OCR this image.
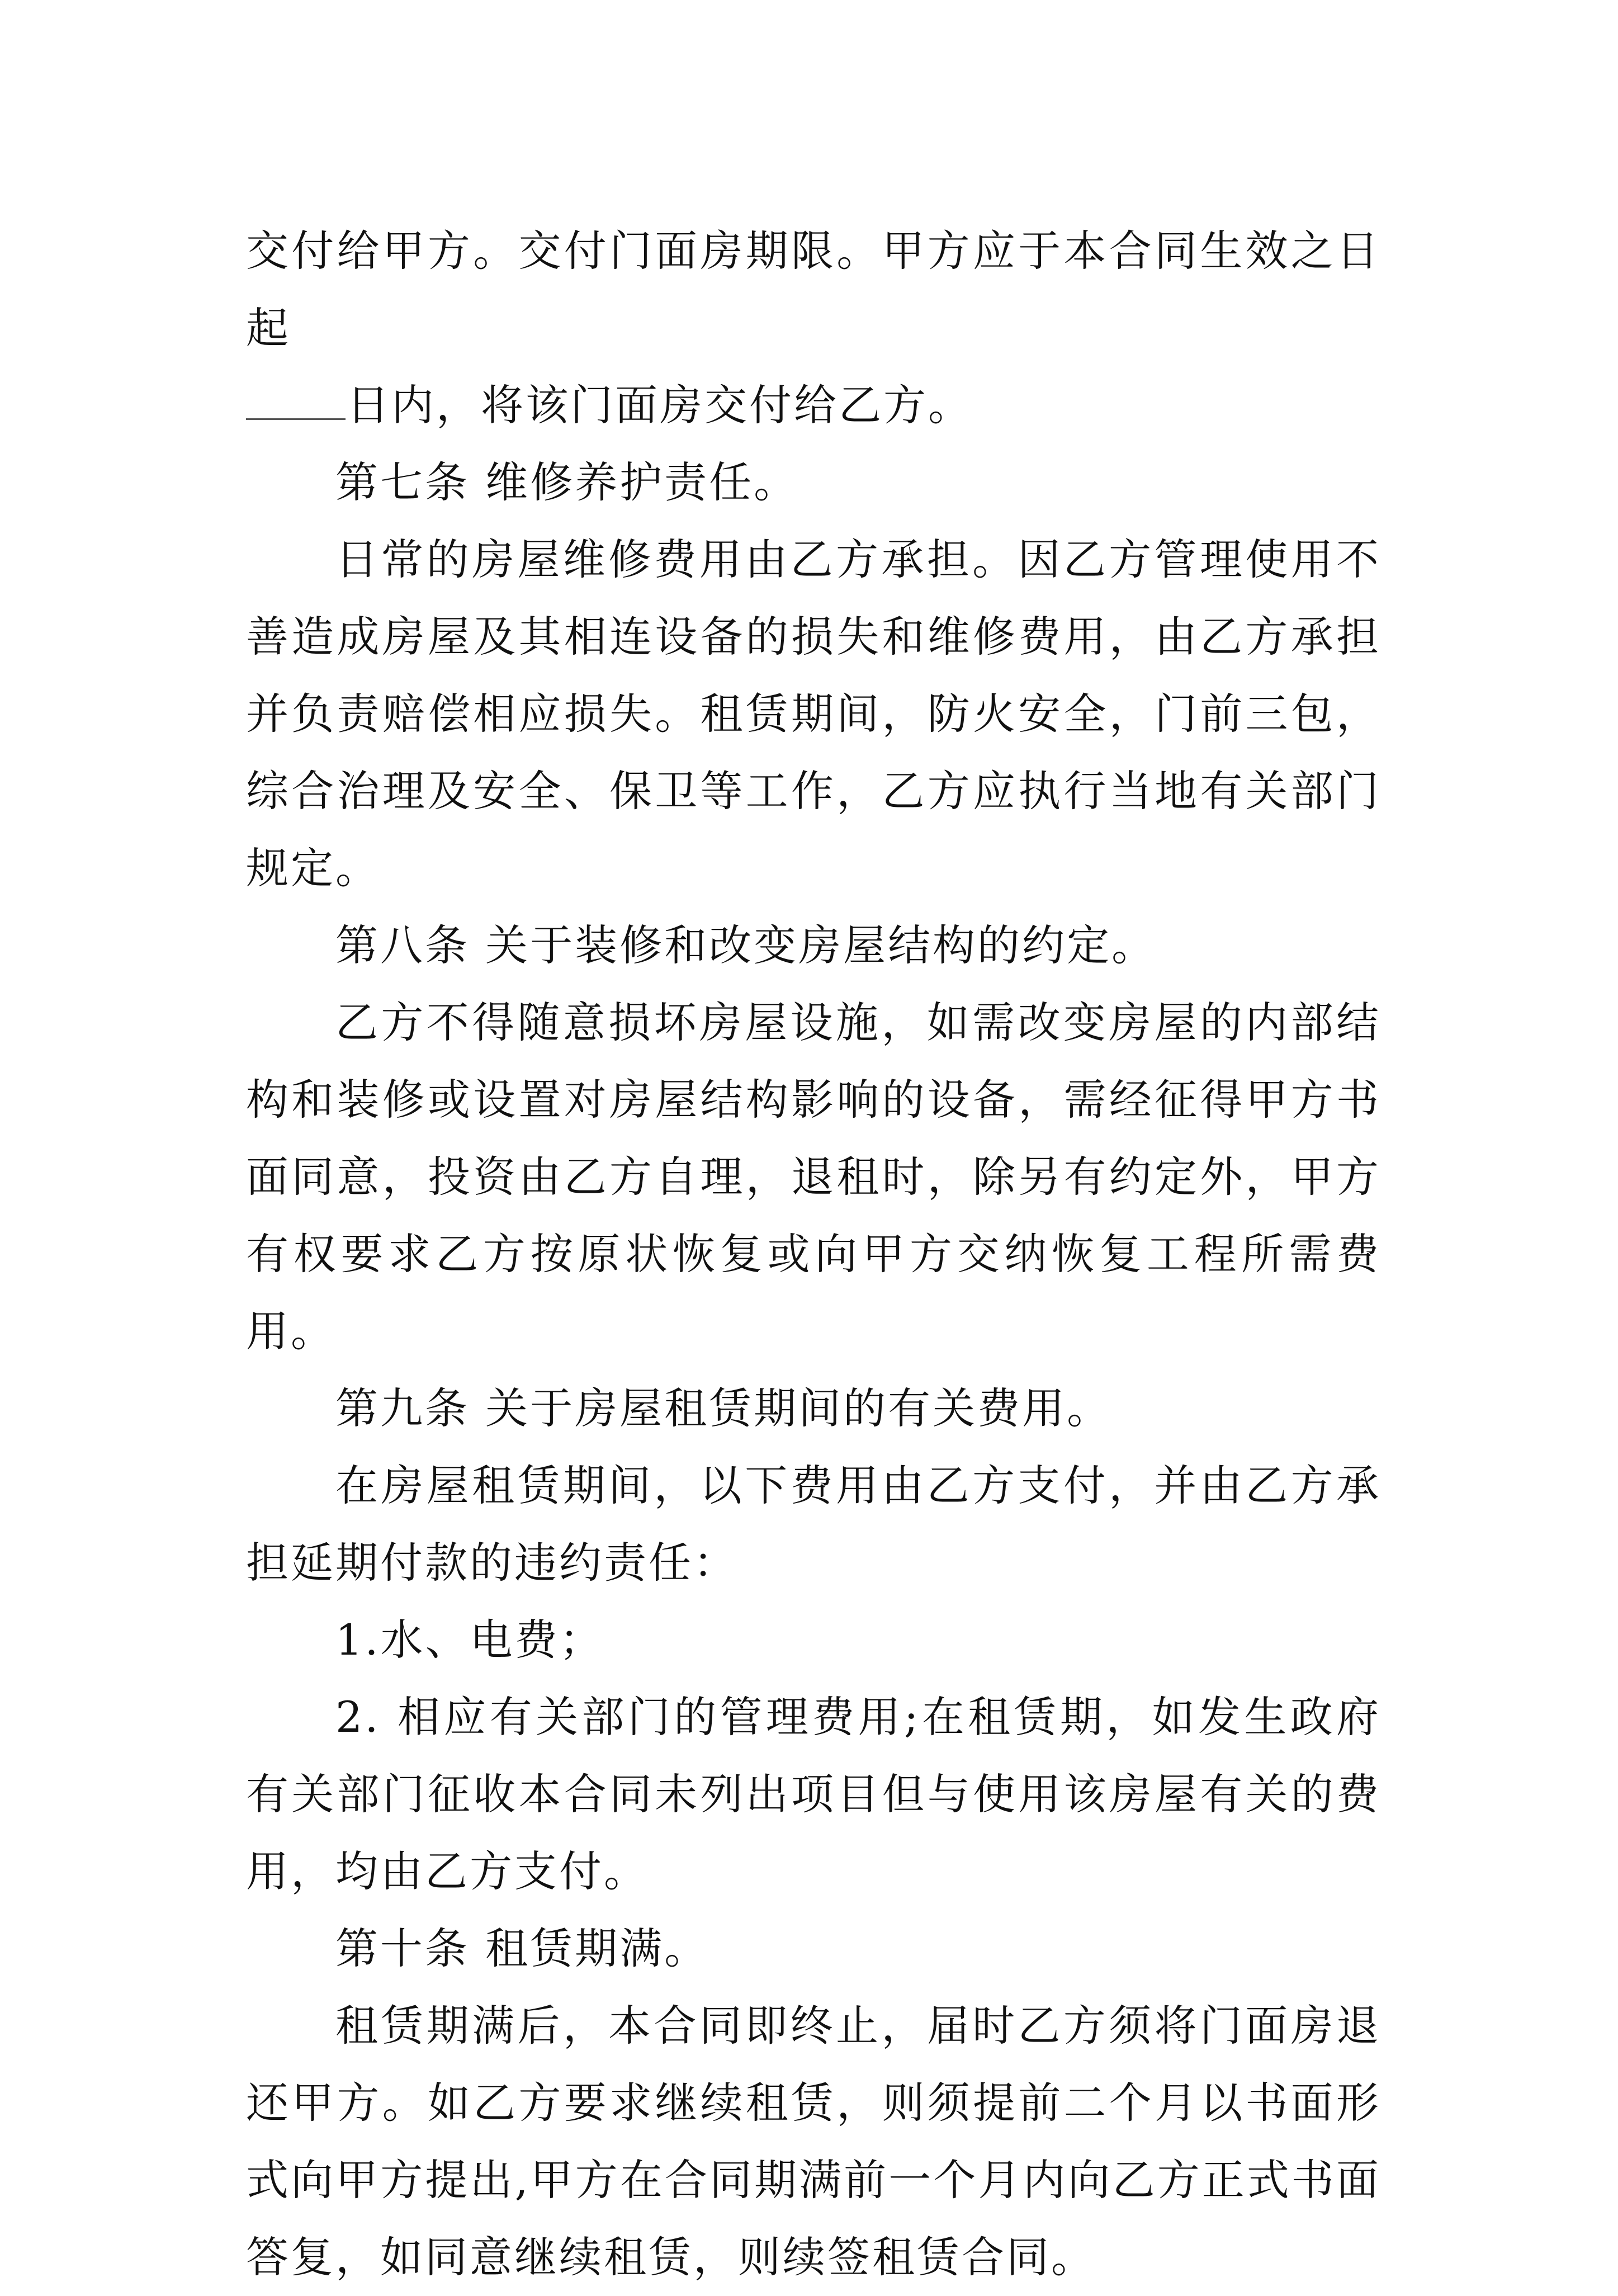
交付给甲方。交付门面房期限。甲方应于本合同生效之日起

日内，将该门面房交付给乙方。

第七条 维修养护责任。

日常的房屋维修费用由乙方承担。因乙方管理使用不善造成房屋及其相连设备的损失和维修费用，由乙方承担并负责赔偿相应损失。租赁期间，防火安全，门前三包，综合治理及安全、保卫等工作，乙方应执行当地有关部门规定。

第八条 关于装修和改变房屋结构的约定。

乙方不得随意损坏房屋设施，如需改变房屋的内部结构和装修或设置对房屋结构影响的设备，需经征得甲方书面同意，投资由乙方自理，退租时，除另有约定外，甲方有权要求乙方按原状恢复或向甲方交纳恢复工程所需费用。

第九条 关于房屋租赁期间的有关费用。

在房屋租赁期间，以下费用由乙方支付，并由乙方承担延期付款的违约责任：

1.水、电费；

2. 相应有关部门的管理费用;在租赁期，如发生政府有关部门征收本合同未列出项目但与使用该房屋有关的费用，均由乙方支付。

第十条 租赁期满。

租赁期满后，本合同即终止，届时乙方须将门面房退还甲方。如乙方要求继续租赁，则须提前二个月以书面形式向甲方提出,甲方在合同期满前一个月内向乙方正式书面答复，如同意继续租赁，则续签租赁合同。
